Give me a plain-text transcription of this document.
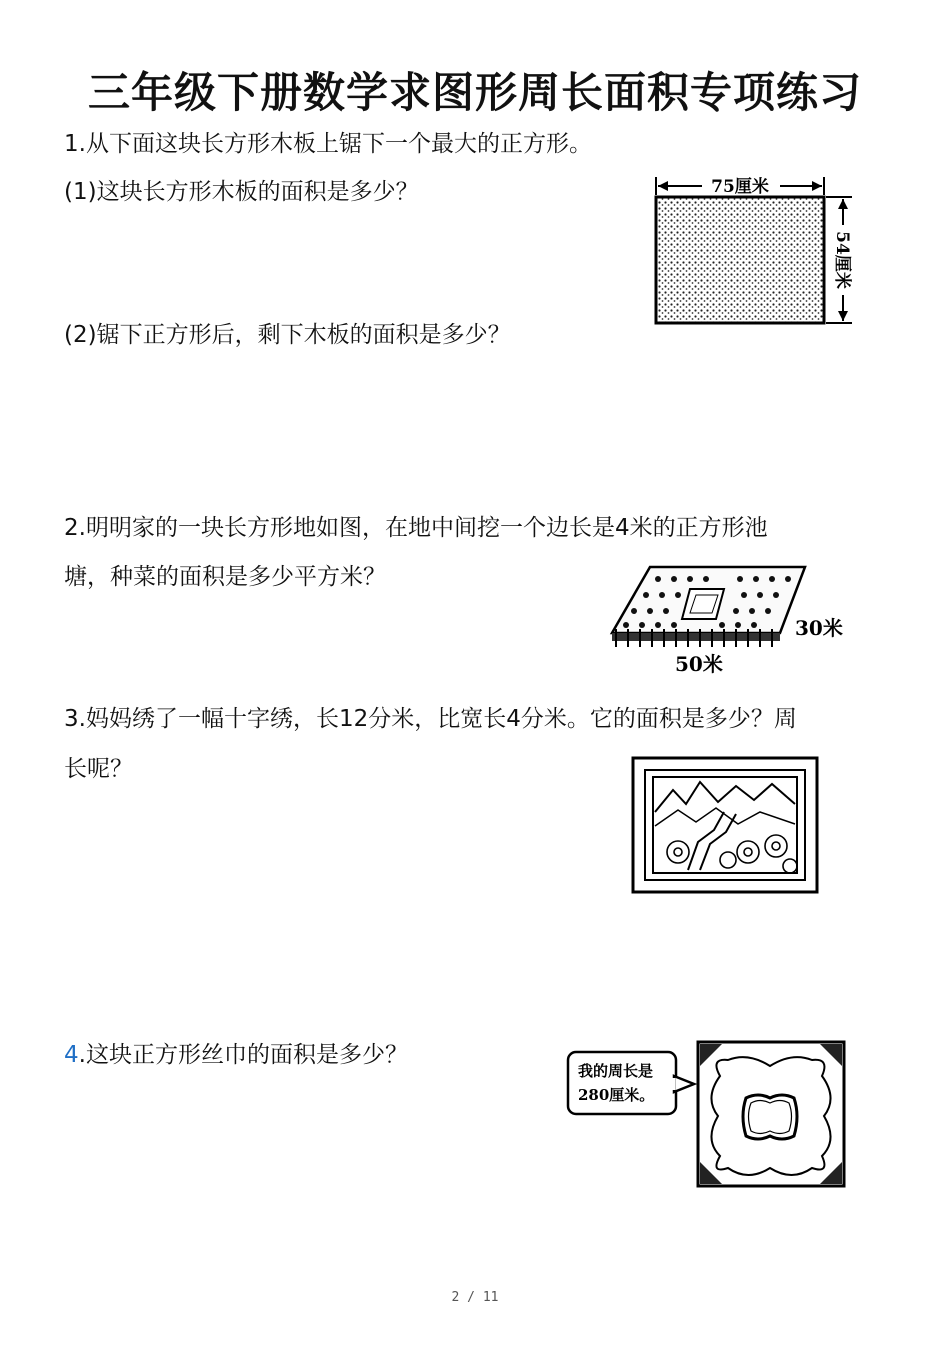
三年级下册数学求图形周长面积专项练习
1.从下面这块长方形木板上锯下一个最大的正方形。
(1)这块长方形木板的面积是多少？
(2)锯下正方形后，剩下木板的面积是多少？
75厘米
54厘米
2.明明家的一块长方形地如图，在地中间挖一个边长是4米的正方形池
塘，种菜的面积是多少平方米？
30米
50米
3.妈妈绣了一幅十字绣，长12分米，比宽长4分米。它的面积是多少？周
长呢？
4.这块正方形丝巾的面积是多少？
我的周长是
280厘米。
2 / 11
